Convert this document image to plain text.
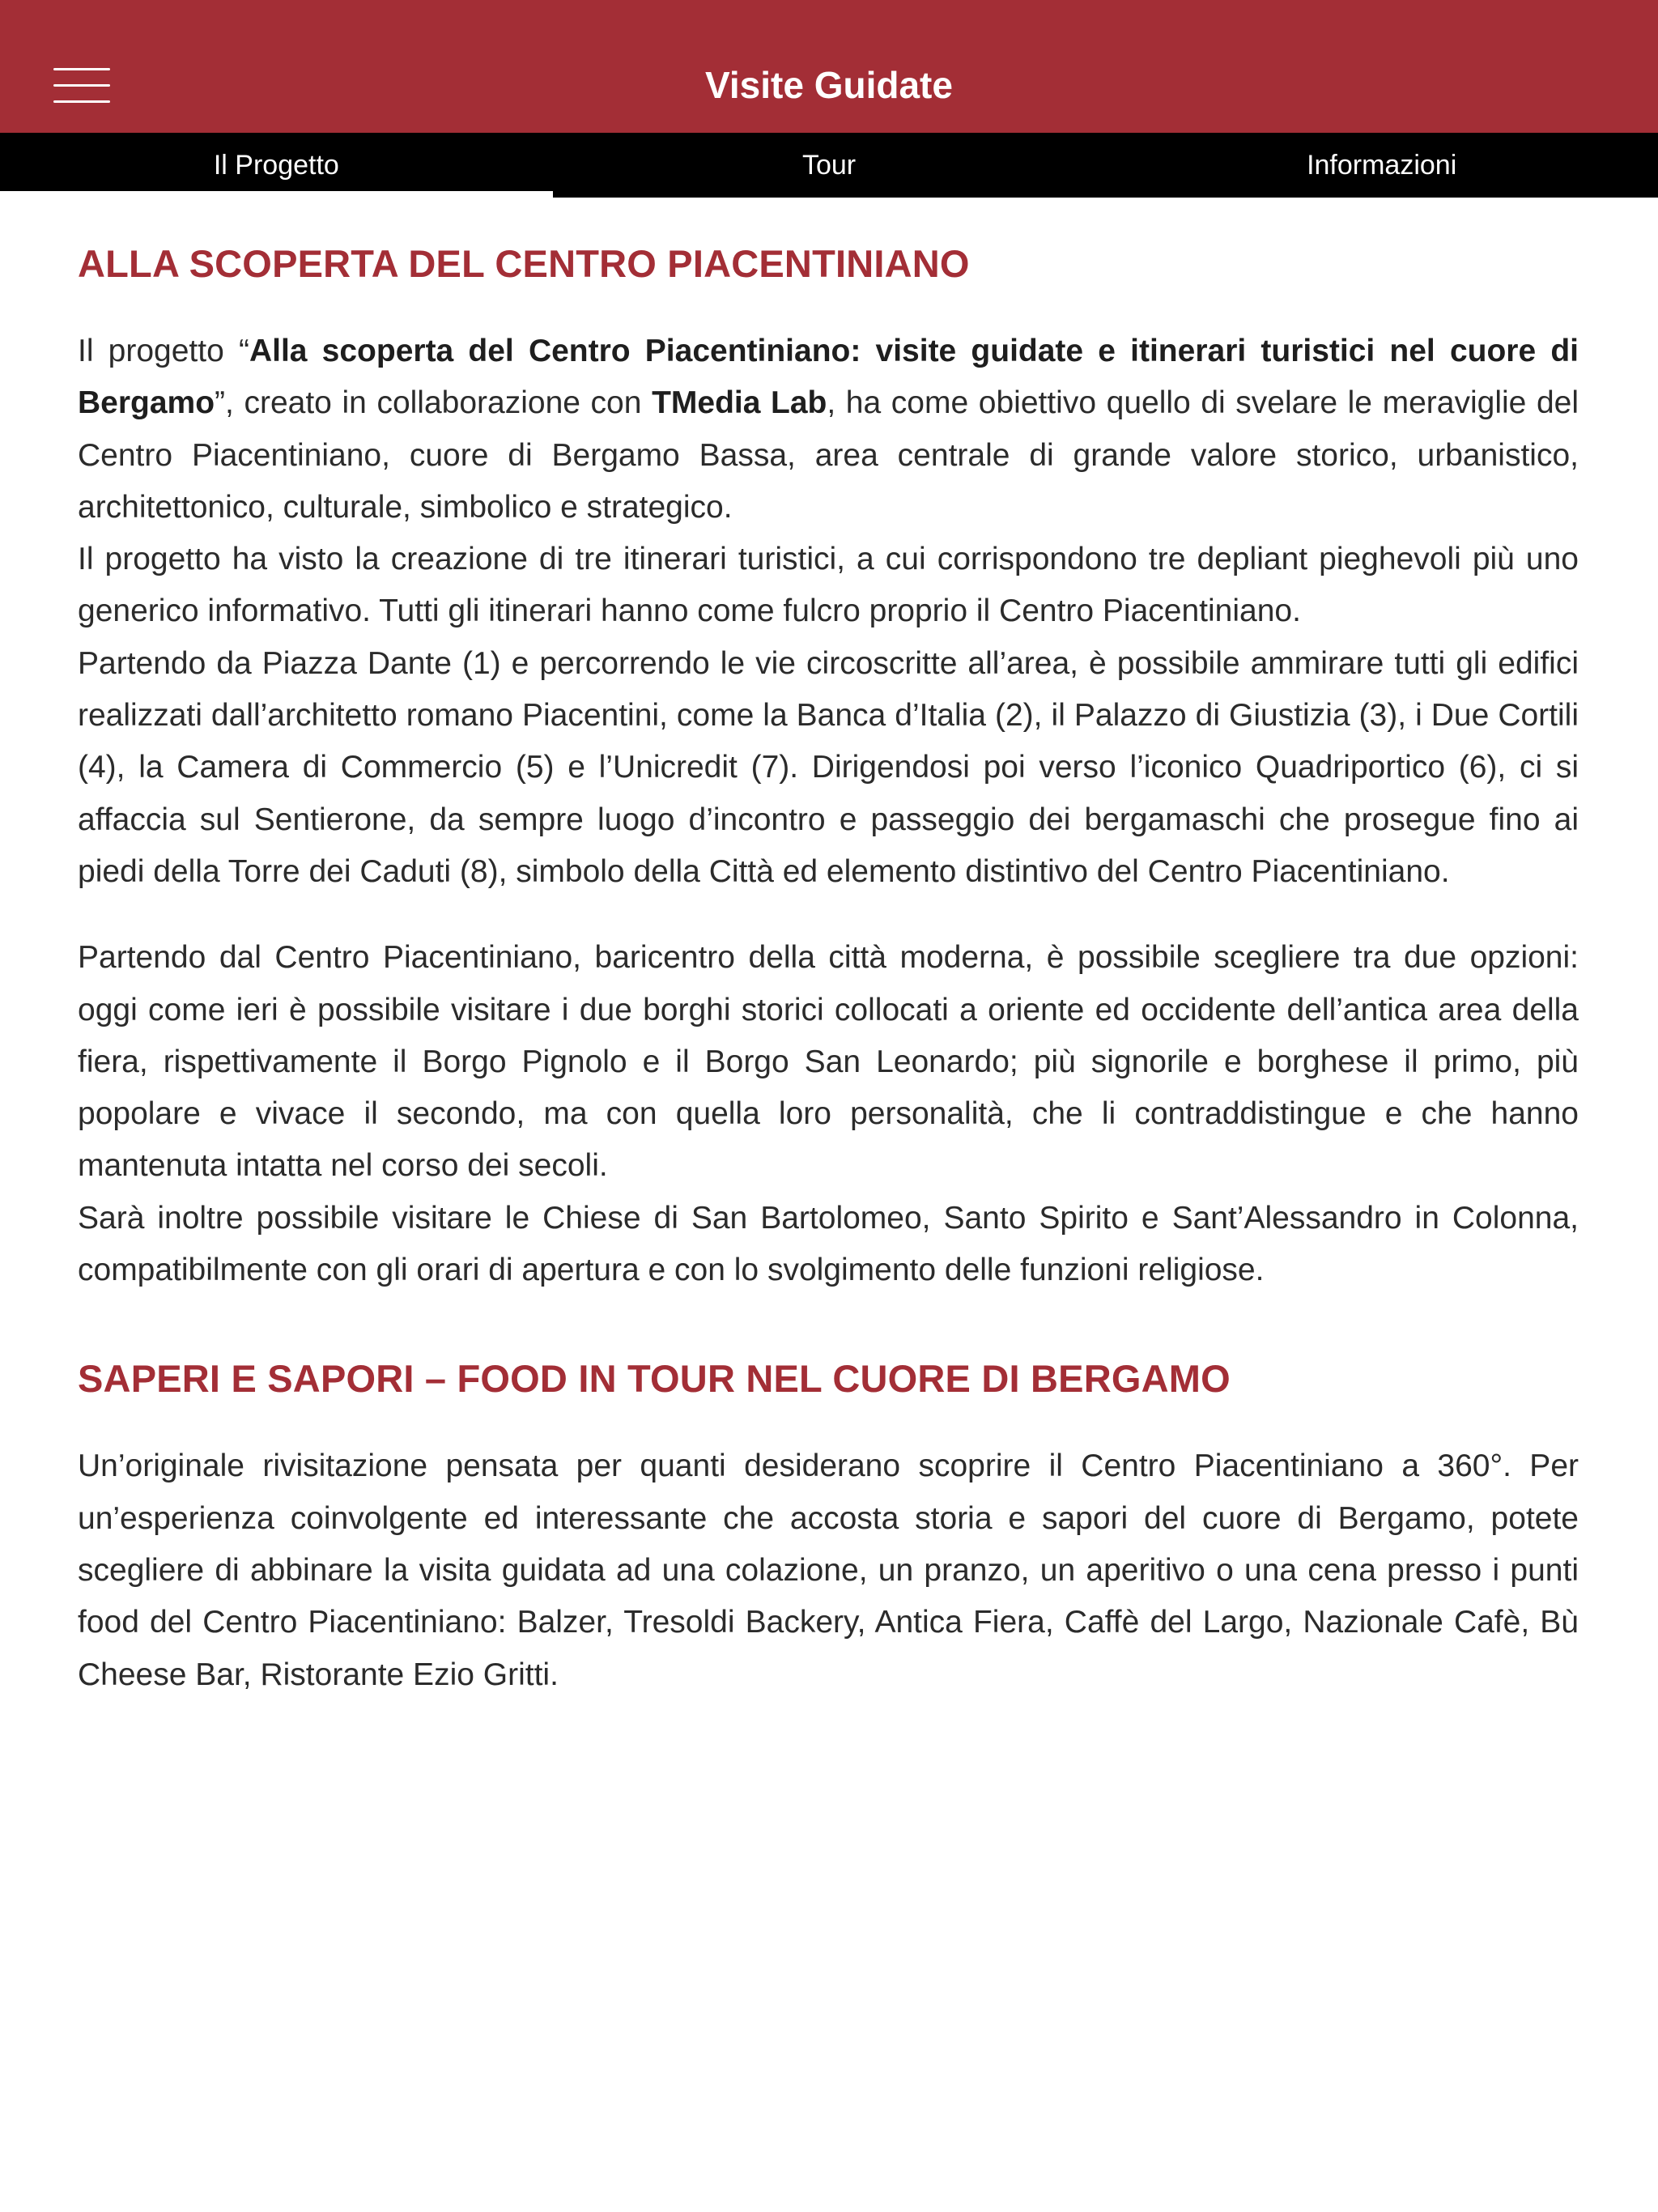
Visite Guidate
Il Progetto	Tour	Informazioni
ALLA SCOPERTA DEL CENTRO PIACENTINIANO

Il progetto “Alla scoperta del Centro Piacentiniano: visite guidate e itinerari turistici nel cuore di Bergamo”, creato in collaborazione con TMedia Lab, ha come obiettivo quello di svelare le meraviglie del Centro Piacentiniano, cuore di Bergamo Bassa, area centrale di grande valore storico, urbanistico, architettonico, culturale, simbolico e strategico.

Il progetto ha visto la creazione di tre itinerari turistici, a cui corrispondono tre depliant pieghevoli più uno generico informativo. Tutti gli itinerari hanno come fulcro proprio il Centro Piacentiniano.

Partendo da Piazza Dante (1) e percorrendo le vie circoscritte all’area, è possibile ammirare tutti gli edifici realizzati dall’architetto romano Piacentini, come la Banca d’Italia (2), il Palazzo di Giustizia (3), i Due Cortili (4), la Camera di Commercio (5) e l’Unicredit (7). Dirigendosi poi verso l’iconico Quadriportico (6), ci si affaccia sul Sentierone, da sempre luogo d’incontro e passeggio dei bergamaschi che prosegue fino ai piedi della Torre dei Caduti (8), simbolo della Città ed elemento distintivo del Centro Piacentiniano.

Partendo dal Centro Piacentiniano, baricentro della città moderna, è possibile scegliere tra due opzioni: oggi come ieri è possibile visitare i due borghi storici collocati a oriente ed occidente dell’antica area della fiera, rispettivamente il Borgo Pignolo e il Borgo San Leonardo; più signorile e borghese il primo, più popolare e vivace il secondo, ma con quella loro personalità, che li contraddistingue e che hanno mantenuta intatta nel corso dei secoli.

Sarà inoltre possibile visitare le Chiese di San Bartolomeo, Santo Spirito e Sant’Alessandro in Colonna, compatibilmente con gli orari di apertura e con lo svolgimento delle funzioni religiose.

SAPERI E SAPORI – FOOD IN TOUR NEL CUORE DI BERGAMO

Un’originale rivisitazione pensata per quanti desiderano scoprire il Centro Piacentiniano a 360°. Per un’esperienza coinvolgente ed interessante che accosta storia e sapori del cuore di Bergamo, potete scegliere di abbinare la visita guidata ad una colazione, un pranzo, un aperitivo o una cena presso i punti food del Centro Piacentiniano: Balzer, Tresoldi Backery, Antica Fiera, Caffè del Largo, Nazionale Cafè, Bù Cheese Bar, Ristorante Ezio Gritti.
